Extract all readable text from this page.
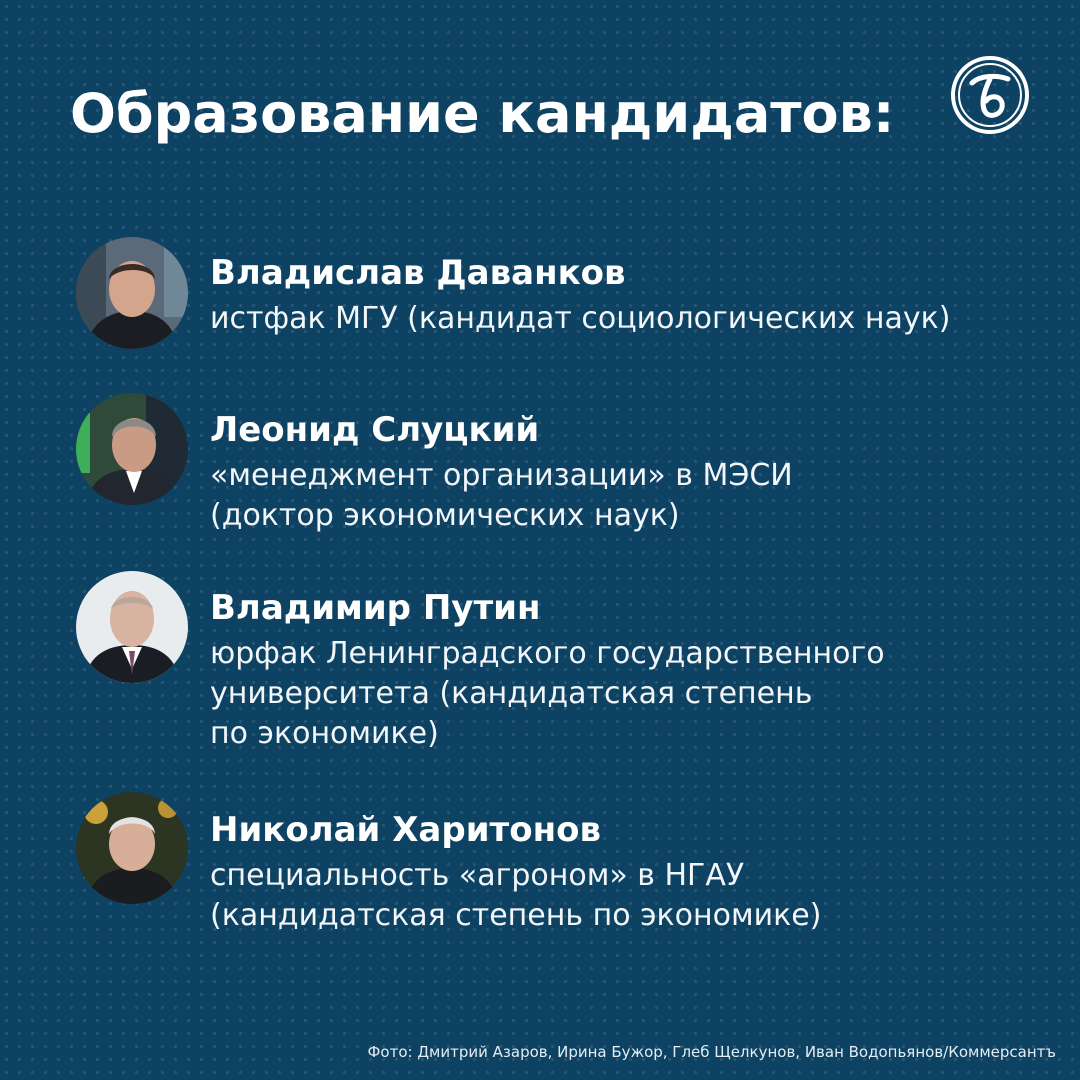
Образование кандидатов:
Владислав Даванков
истфак МГУ (кандидат социологических наук)
Леонид Слуцкий
«менеджмент организации» в МЭСИ
(доктор экономических наук)
Владимир Путин
юрфак Ленинградского государственного
университета (кандидатская степень
по экономике)
Николай Харитонов
специальность «агроном» в НГАУ
(кандидатская степень по экономике)
Фото: Дмитрий Азаров, Ирина Бужор, Глеб Щелкунов, Иван Водопьянов/Коммерсантъ
